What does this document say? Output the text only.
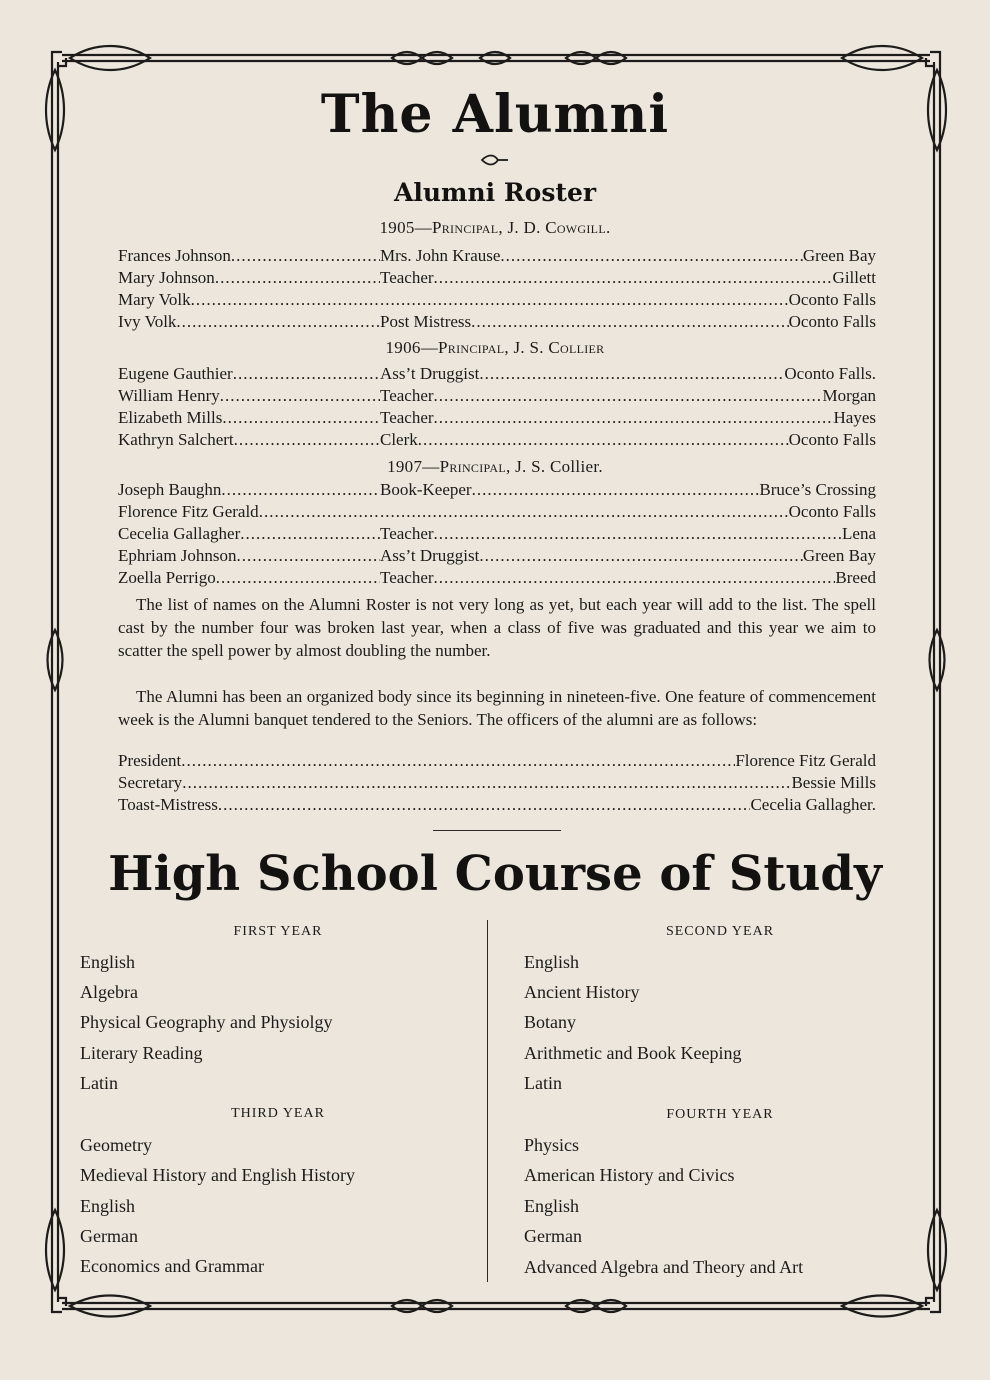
The Alumni
Alumni Roster
1905—Principal, J. D. Cowgill.
Frances Johnson .....	Mrs. John Krause .....	Green Bay
Mary Johnson .....	Teacher .....	Gillett
Mary Volk ..... .....	Oconto Falls
Ivy Volk .....	Post Mistress .....	Oconto Falls
1906—Principal, J. S. Collier
Eugene Gauthier .....	Ass’t Druggist .....	Oconto Falls.
William Henry .....	Teacher .....	Morgan
Elizabeth Mills .....	Teacher .....	Hayes
Kathryn Salchert .....	Clerk .....	Oconto Falls
1907—Principal, J. S. Collier.
Joseph Baughn .....	Book-Keeper .....	Bruce’s Crossing
Florence Fitz Gerald ..... .....	Oconto Falls
Cecelia Gallagher .....	Teacher .....	Lena
Ephriam Johnson .....	Ass’t Druggist .....	Green Bay
Zoella Perrigo .....	Teacher .....	Breed
The list of names on the Alumni Roster is not very long as yet, but each year will add to the list. The spell cast by the number four was broken last year, when a class of five was graduated and this year we aim to scatter the spell power by almost doubling the number.
The Alumni has been an organized body since its beginning in nineteen-five. One feature of commencement week is the Alumni banquet tendered to the Seniors. The officers of the alumni are as follows:
President .....	Florence Fitz Gerald
Secretary .....	Bessie Mills
Toast-Mistress .....	Cecelia Gallagher.
High School Course of Study
FIRST YEAR
English
Algebra
Physical Geography and Physiolgy
Literary Reading
Latin
SECOND YEAR
English
Ancient History
Botany
Arithmetic and Book Keeping
Latin
THIRD YEAR
Geometry
Medieval History and English History
English
German
Economics and Grammar
FOURTH YEAR
Physics
American History and Civics
English
German
Advanced Algebra and Theory and Art
